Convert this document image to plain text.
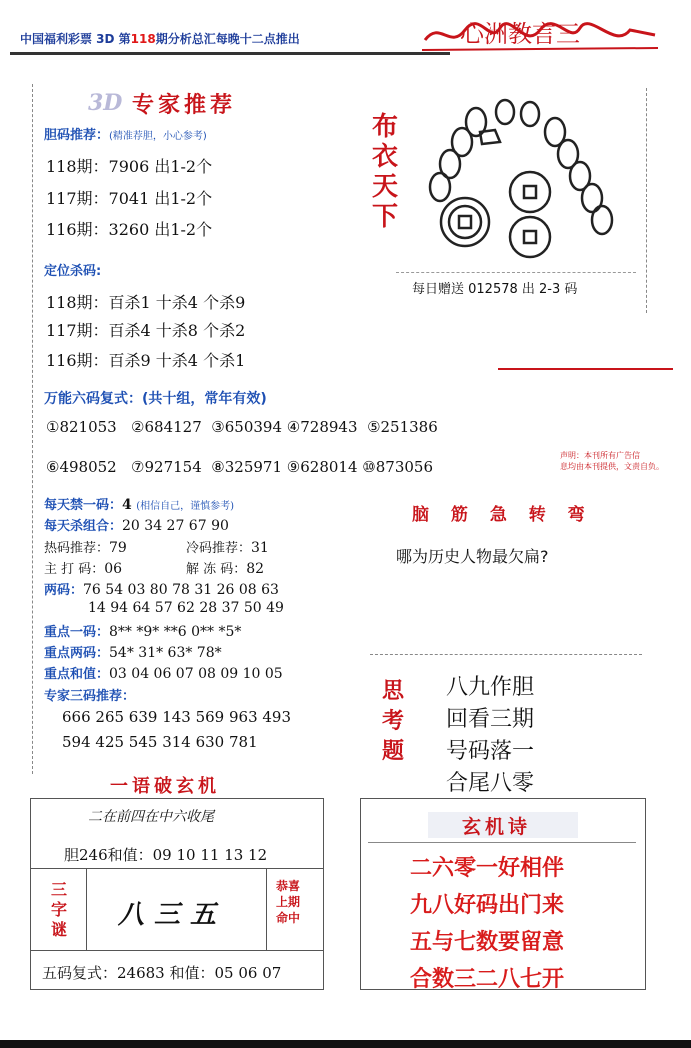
中国福利彩票 3D 第118期分析总汇每晚十二点推出	心洲教言三
3D 专家推荐
胆码推荐：(精准荐胆，小心参考)
118期：7906 出1-2个
117期：7041 出1-2个
116期：3260 出1-2个
定位杀码:
118期：百杀1 十杀4 个杀9
117期：百杀4 十杀8 个杀2
116期：百杀9 十杀4 个杀1
万能六码复式：(共十组，常年有效)
①821053 ②684127 ③650394 ④728943 ⑤251386
⑥498052 ⑦927154 ⑧325971 ⑨628014 ⑩873056
每天禁一码：4 (相信自己，谨慎参考)
每天杀组合：20 34 27 67 90
热码推荐：79	冷码推荐：31
主 打 码：06	解 冻 码：82
两码：76 54 03 80 78 31 26 08 63
14 94 64 57 62 28 37 50 49
重点一码：8** *9* **6 0** *5*
重点两码：54* 31* 63* 78*
重点和值：03 04 06 07 08 09 10 05
专家三码推荐：
666 265 639 143 569 963 493
594 425 545 314 630 781
布
衣
天
下
每日赠送 012578 出 2-3 码
声明：本刊所有广告信
息均由本刊提供，文责自负。
脑 筋 急 转 弯
哪为历史人物最欠扁?
思
考
题
八九作胆
回看三期
号码落一
合尾八零
一语破玄机
二在前四在中六收尾
胆246和值：09 10 11 13 12
三
字
谜 八三五
恭喜
上期
命中
五码复式：24683 和值：05 06 07
玄机诗
二六零一好相伴
九八好码出门来
五与七数要留意
合数三二八七开
